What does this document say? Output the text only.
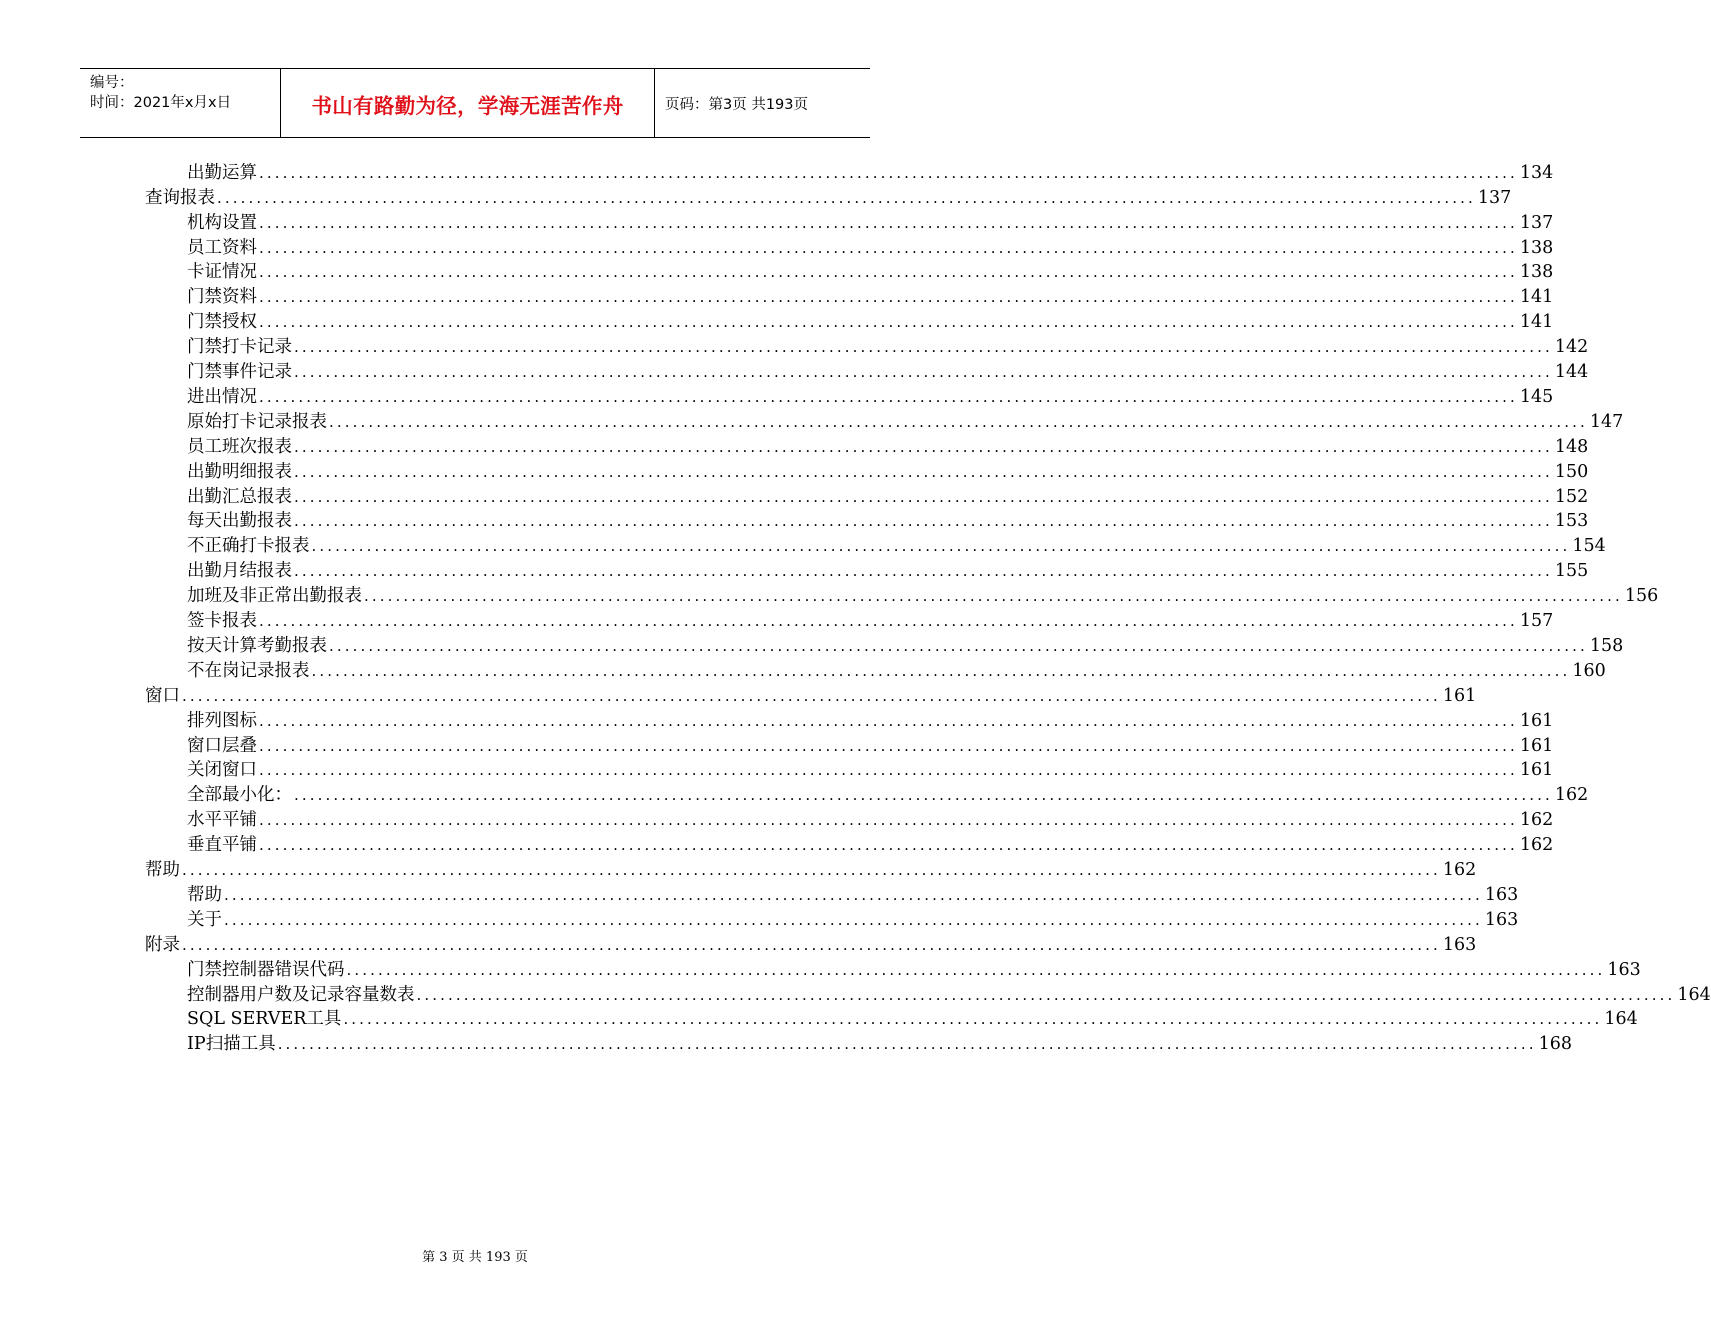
编号：
时间：2021年x月x日	书山有路勤为径，学海无涯苦作舟	页码：第3页 共193页
出勤运算 ................................................................................................................................................................ 134
查询报表 ................................................................................................................................................................ 137
机构设置 ................................................................................................................................................................ 137
员工资料 ................................................................................................................................................................ 138
卡证情况 ................................................................................................................................................................ 138
门禁资料 ................................................................................................................................................................ 141
门禁授权 ................................................................................................................................................................ 141
门禁打卡记录 ................................................................................................................................................................ 142
门禁事件记录 ................................................................................................................................................................ 144
进出情况 ................................................................................................................................................................ 145
原始打卡记录报表 ................................................................................................................................................................ 147
员工班次报表 ................................................................................................................................................................ 148
出勤明细报表 ................................................................................................................................................................ 150
出勤汇总报表 ................................................................................................................................................................ 152
每天出勤报表 ................................................................................................................................................................ 153
不正确打卡报表 ................................................................................................................................................................ 154
出勤月结报表 ................................................................................................................................................................ 155
加班及非正常出勤报表 ................................................................................................................................................................ 156
签卡报表 ................................................................................................................................................................ 157
按天计算考勤报表 ................................................................................................................................................................ 158
不在岗记录报表 ................................................................................................................................................................ 160
窗口 ................................................................................................................................................................ 161
排列图标 ................................................................................................................................................................ 161
窗口层叠 ................................................................................................................................................................ 161
关闭窗口 ................................................................................................................................................................ 161
全部最小化： ................................................................................................................................................................ 162
水平平铺 ................................................................................................................................................................ 162
垂直平铺 ................................................................................................................................................................ 162
帮助 ................................................................................................................................................................ 162
帮助 ................................................................................................................................................................ 163
关于 ................................................................................................................................................................ 163
附录 ................................................................................................................................................................ 163
门禁控制器错误代码 ................................................................................................................................................................ 163
控制器用户数及记录容量数表 ................................................................................................................................................................ 164
SQL SERVER工具 ................................................................................................................................................................ 164
IP扫描工具 ................................................................................................................................................................ 168
第 3 页 共 193 页
